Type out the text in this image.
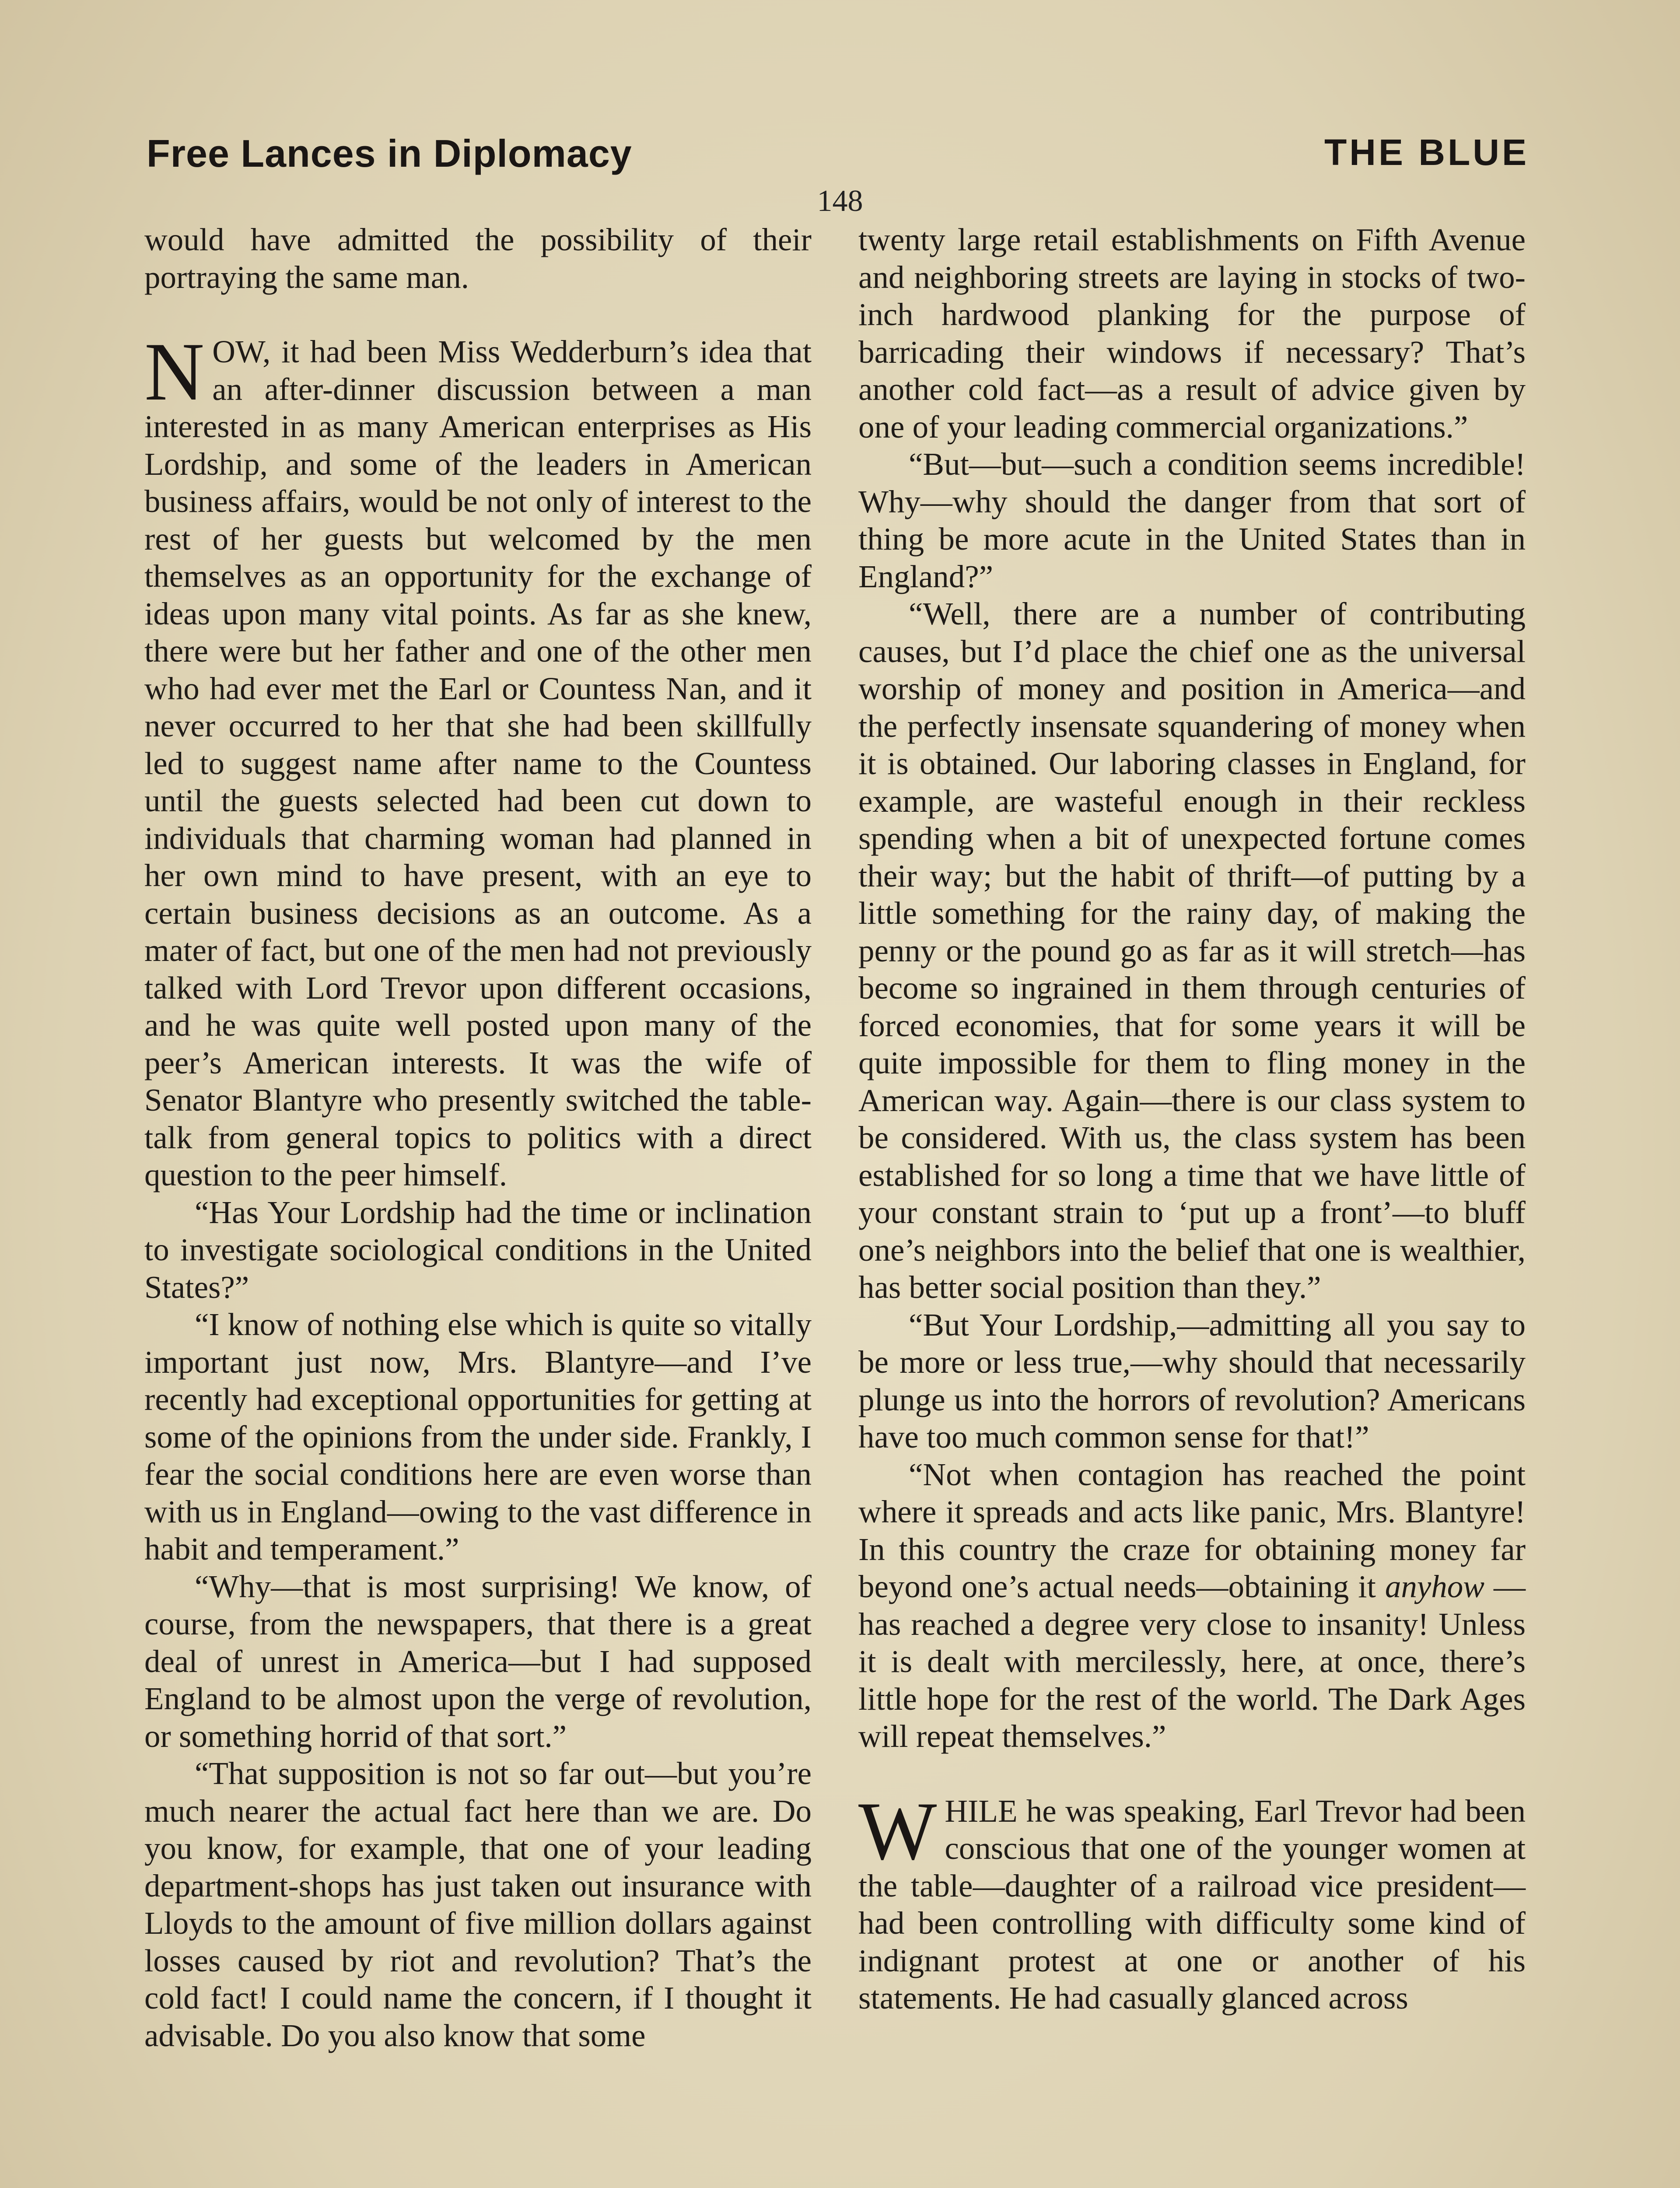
Free Lances in Diplomacy	THE BLUE
148

would have admitted the possibility of their portraying the same man.

NOW, it had been Miss Wedderburn’s idea that an after-dinner discussion between a man interested in as many American enterprises as His Lordship, and some of the leaders in American business affairs, would be not only of interest to the rest of her guests but welcomed by the men themselves as an opportunity for the exchange of ideas upon many vital points. As far as she knew, there were but her father and one of the other men who had ever met the Earl or Countess Nan, and it never occurred to her that she had been skillfully led to suggest name after name to the Countess until the guests selected had been cut down to individuals that charming woman had planned in her own mind to have present, with an eye to certain business decisions as an outcome. As a mater of fact, but one of the men had not previously talked with Lord Trevor upon different occasions, and he was quite well posted upon many of the peer’s American interests. It was the wife of Senator Blantyre who presently switched the table-talk from general topics to politics with a direct question to the peer himself.

“Has Your Lordship had the time or inclination to investigate sociological conditions in the United States?”

“I know of nothing else which is quite so vitally important just now, Mrs. Blantyre—and I’ve recently had exceptional opportunities for getting at some of the opinions from the under side. Frankly, I fear the social conditions here are even worse than with us in England—owing to the vast difference in habit and temperament.”

“Why—that is most surprising! We know, of course, from the newspapers, that there is a great deal of unrest in America—but I had supposed England to be almost upon the verge of revolution, or something horrid of that sort.”

“That supposition is not so far out—but you’re much nearer the actual fact here than we are. Do you know, for example, that one of your leading department-shops has just taken out insurance with Lloyds to the amount of five million dollars against losses caused by riot and revolution? That’s the cold fact! I could name the concern, if I thought it advisable. Do you also know that some

twenty large retail establishments on Fifth Avenue and neighboring streets are laying in stocks of two-inch hardwood planking for the purpose of barricading their windows if necessary? That’s another cold fact—as a result of advice given by one of your leading commercial organizations.”

“But—but—such a condition seems incredible! Why—why should the danger from that sort of thing be more acute in the United States than in England?”

“Well, there are a number of contributing causes, but I’d place the chief one as the universal worship of money and position in America—and the perfectly insensate squandering of money when it is obtained. Our laboring classes in England, for example, are wasteful enough in their reckless spending when a bit of unexpected fortune comes their way; but the habit of thrift—of putting by a little something for the rainy day, of making the penny or the pound go as far as it will stretch—has become so ingrained in them through centuries of forced economies, that for some years it will be quite impossible for them to fling money in the American way. Again—there is our class system to be considered. With us, the class system has been established for so long a time that we have little of your constant strain to ‘put up a front’—to bluff one’s neighbors into the belief that one is wealthier, has better social position than they.”

“But Your Lordship,—admitting all you say to be more or less true,—why should that necessarily plunge us into the horrors of revolution? Americans have too much common sense for that!”

“Not when contagion has reached the point where it spreads and acts like panic, Mrs. Blantyre! In this country the craze for obtaining money far beyond one’s actual needs—obtaining it anyhow — has reached a degree very close to insanity! Unless it is dealt with mercilessly, here, at once, there’s little hope for the rest of the world. The Dark Ages will repeat themselves.”

WHILE he was speaking, Earl Trevor had been conscious that one of the younger women at the table—daughter of a railroad vice president—had been controlling with difficulty some kind of indignant protest at one or another of his statements. He had casually glanced across
